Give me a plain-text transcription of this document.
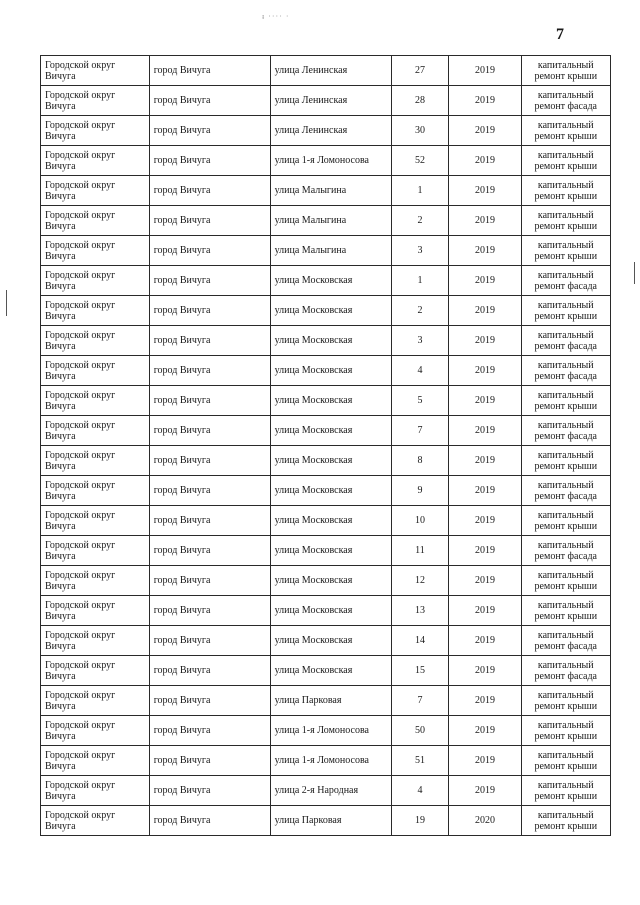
ᵻ ···· ·
7
Городской округ
Вичуга	город Вичуга	улица Ленинская	27	2019	капитальный
ремонт крыши
Городской округ
Вичуга	город Вичуга	улица Ленинская	28	2019	капитальный
ремонт фасада
Городской округ
Вичуга	город Вичуга	улица Ленинская	30	2019	капитальный
ремонт крыши
Городской округ
Вичуга	город Вичуга	улица 1-я Ломоносова	52	2019	капитальный
ремонт крыши
Городской округ
Вичуга	город Вичуга	улица Малыгина	1	2019	капитальный
ремонт крыши
Городской округ
Вичуга	город Вичуга	улица Малыгина	2	2019	капитальный
ремонт крыши
Городской округ
Вичуга	город Вичуга	улица Малыгина	3	2019	капитальный
ремонт крыши
Городской округ
Вичуга	город Вичуга	улица Московская	1	2019	капитальный
ремонт фасада
Городской округ
Вичуга	город Вичуга	улица Московская	2	2019	капитальный
ремонт крыши
Городской округ
Вичуга	город Вичуга	улица Московская	3	2019	капитальный
ремонт фасада
Городской округ
Вичуга	город Вичуга	улица Московская	4	2019	капитальный
ремонт фасада
Городской округ
Вичуга	город Вичуга	улица Московская	5	2019	капитальный
ремонт крыши
Городской округ
Вичуга	город Вичуга	улица Московская	7	2019	капитальный
ремонт фасада
Городской округ
Вичуга	город Вичуга	улица Московская	8	2019	капитальный
ремонт крыши
Городской округ
Вичуга	город Вичуга	улица Московская	9	2019	капитальный
ремонт фасада
Городской округ
Вичуга	город Вичуга	улица Московская	10	2019	капитальный
ремонт крыши
Городской округ
Вичуга	город Вичуга	улица Московская	11	2019	капитальный
ремонт фасада
Городской округ
Вичуга	город Вичуга	улица Московская	12	2019	капитальный
ремонт крыши
Городской округ
Вичуга	город Вичуга	улица Московская	13	2019	капитальный
ремонт крыши
Городской округ
Вичуга	город Вичуга	улица Московская	14	2019	капитальный
ремонт фасада
Городской округ
Вичуга	город Вичуга	улица Московская	15	2019	капитальный
ремонт фасада
Городской округ
Вичуга	город Вичуга	улица Парковая	7	2019	капитальный
ремонт крыши
Городской округ
Вичуга	город Вичуга	улица 1-я Ломоносова	50	2019	капитальный
ремонт крыши
Городской округ
Вичуга	город Вичуга	улица 1-я Ломоносова	51	2019	капитальный
ремонт крыши
Городской округ
Вичуга	город Вичуга	улица 2-я Народная	4	2019	капитальный
ремонт крыши
Городской округ
Вичуга	город Вичуга	улица Парковая	19	2020	капитальный
ремонт крыши
